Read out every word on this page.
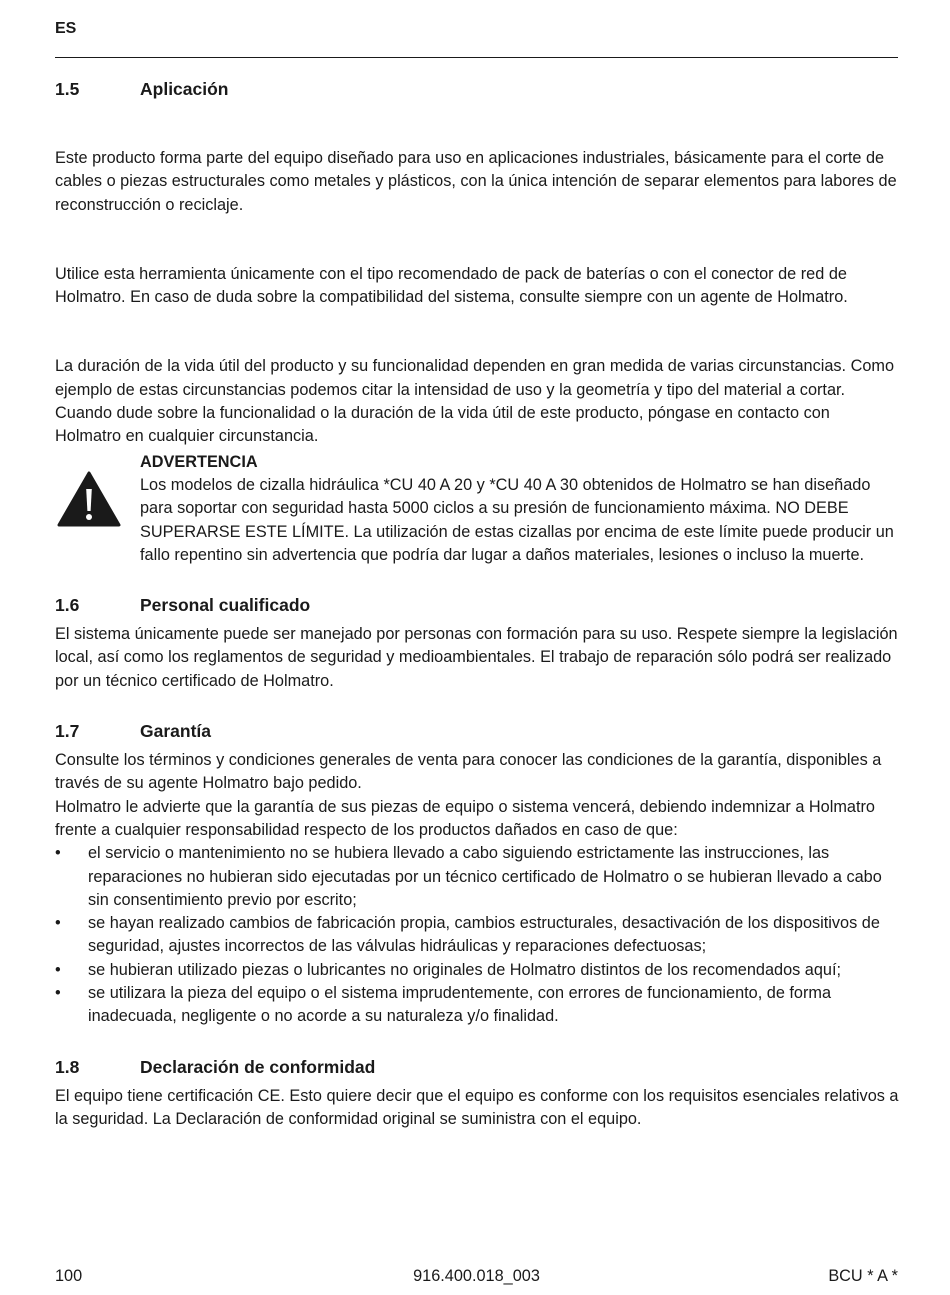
ES
1.5	Aplicación

Este producto forma parte del equipo diseñado para uso en aplicaciones industriales, básicamente para el corte de cables o piezas estructurales como metales y plásticos, con la única intención de separar elementos para labores de reconstrucción o reciclaje.

Utilice esta herramienta únicamente con el tipo recomendado de pack de baterías o con el conector de red de Holmatro. En caso de duda sobre la compatibilidad del sistema, consulte siempre con un agente de Holmatro.

La duración de la vida útil del producto y su funcionalidad dependen en gran medida de varias circunstancias. Como ejemplo de estas circunstancias podemos citar la intensidad de uso y la geometría y tipo del material a cortar. Cuando dude sobre la funcionalidad o la duración de la vida útil de este producto, póngase en contacto con Holmatro en cualquier circunstancia.

ADVERTENCIA

Los modelos de cizalla hidráulica *CU 40 A 20 y *CU 40 A 30 obtenidos de Holmatro se han diseñado para soportar con seguridad hasta 5000 ciclos a su presión de funcionamiento máxima. NO DEBE SUPERARSE ESTE LÍMITE. La utilización de estas cizallas por encima de este límite puede producir un fallo repentino sin advertencia que podría dar lugar a daños materiales, lesiones o incluso la muerte.

1.6	Personal cualificado

El sistema únicamente puede ser manejado por personas con formación para su uso. Respete siempre la legislación local, así como los reglamentos de seguridad y medioambientales. El trabajo de reparación sólo podrá ser realizado por un técnico certificado de Holmatro.

1.7	Garantía

Consulte los términos y condiciones generales de venta para conocer las condiciones de la garantía, disponibles a través de su agente Holmatro bajo pedido.

Holmatro le advierte que la garantía de sus piezas de equipo o sistema vencerá, debiendo indemnizar a Holmatro frente a cualquier responsabilidad respecto de los productos dañados en caso de que:

•	el servicio o mantenimiento no se hubiera llevado a cabo siguiendo estrictamente las instrucciones, las reparaciones no hubieran sido ejecutadas por un técnico certificado de Holmatro o se hubieran llevado a cabo sin consentimiento previo por escrito;
•	se hayan realizado cambios de fabricación propia, cambios estructurales, desactivación de los dispositivos de seguridad, ajustes incorrectos de las válvulas hidráulicas y reparaciones defectuosas;
•	se hubieran utilizado piezas o lubricantes no originales de Holmatro distintos de los recomendados aquí;
•	se utilizara la pieza del equipo o el sistema imprudentemente, con errores de funcionamiento, de forma inadecuada, negligente o no acorde a su naturaleza y/o finalidad.
1.8	Declaración de conformidad

El equipo tiene certificación CE. Esto quiere decir que el equipo es conforme con los requisitos esenciales relativos a la seguridad. La Declaración de conformidad original se suministra con el equipo.

100	916.400.018_003	BCU * A *
